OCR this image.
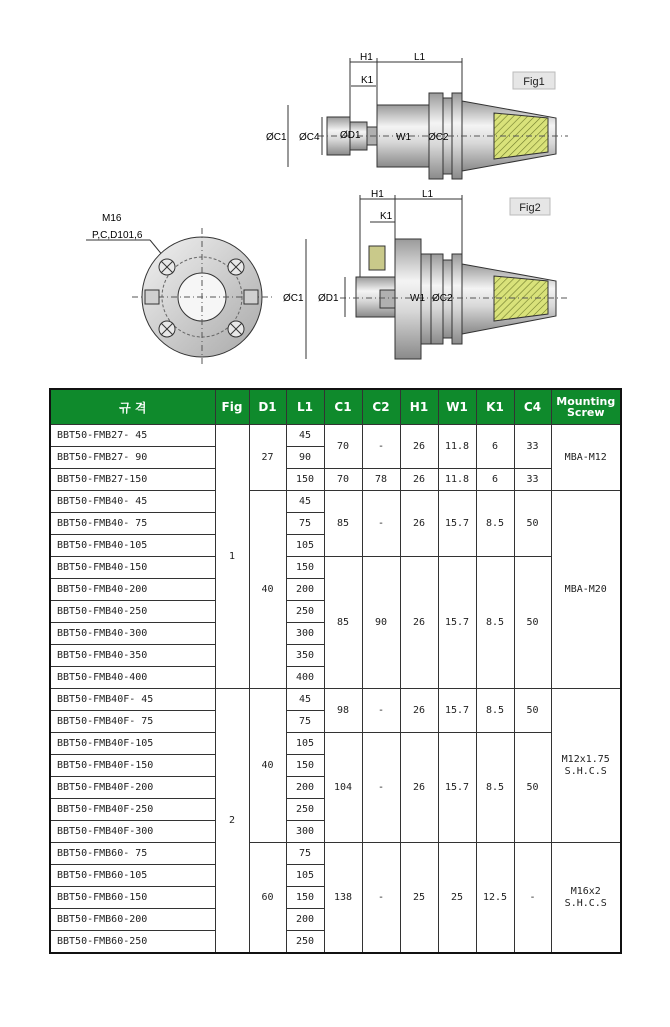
Fig1
H1	L1
K1
ØC1 ØC4 ØD1	W1 ØC2
Fig2
H1	L1
K1
ØC1 ØD1	W1 ØC2
M16
P,C,D101,6
규 격	Fig	D1	L1	C1	C2	H1	W1	K1	C4	Mounting
Screw
BBT50-FMB27- 45	1	27	45	70	-	26	11.8	6	33	MBA-M12

BBT50-FMB27- 90			90							
BBT50-FMB27-150			150	70	78	26	11.8	6	33	
BBT50-FMB40- 45		40	45	85	-	26	15.7	8.5	50	MBA-M20

BBT50-FMB40- 75			75							
BBT50-FMB40-105			105							
BBT50-FMB40-150			150	85	90	26	15.7	8.5	50	
BBT50-FMB40-200			200							
BBT50-FMB40-250			250							
BBT50-FMB40-300			300							
BBT50-FMB40-350			350							
BBT50-FMB40-400			400							
BBT50-FMB40F- 45	2	40	45	98	-	26	15.7	8.5	50	M12x1.75
S.H.C.S
BBT50-FMB40F- 75			75							
BBT50-FMB40F-105			105	104	-	26	15.7	8.5	50	
BBT50-FMB40F-150			150							
BBT50-FMB40F-200			200							
BBT50-FMB40F-250			250							
BBT50-FMB40F-300			300							
BBT50-FMB60- 75		60	75	138	-	25	25	12.5	-	M16x2
S.H.C.S
BBT50-FMB60-105			105							
BBT50-FMB60-150			150							
BBT50-FMB60-200			200							
BBT50-FMB60-250			250							
